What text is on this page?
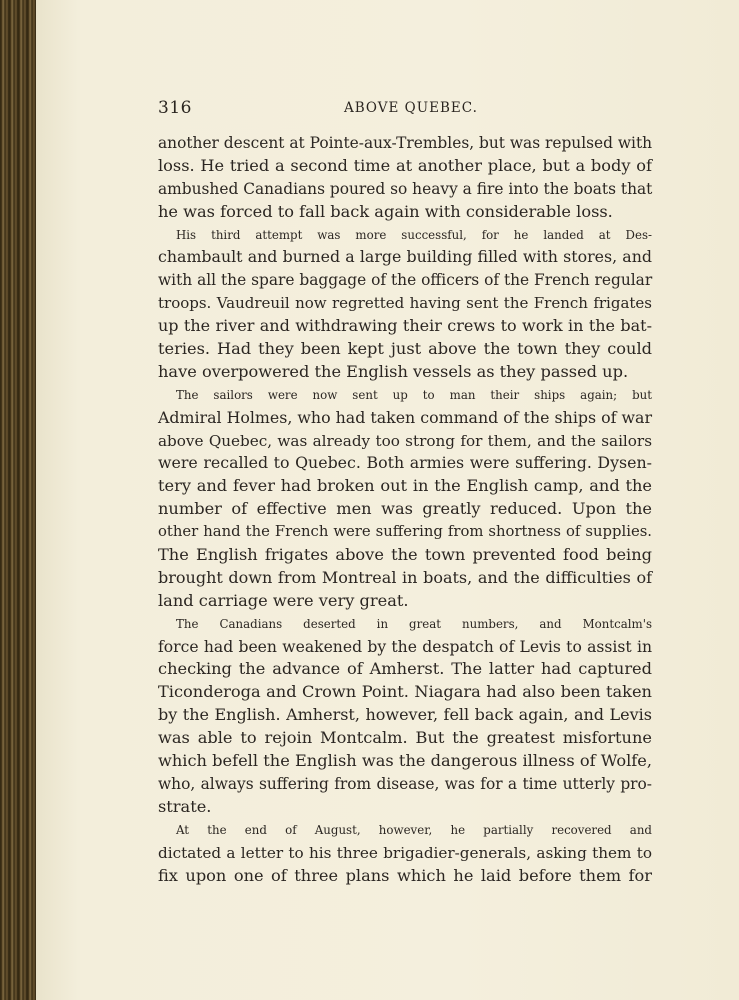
316	ABOVE QUEBEC.
another descent at Pointe-aux-Trembles, but was repulsed with
loss. He tried a second time at another place, but a body of
ambushed Canadians poured so heavy a fire into the boats that
he was forced to fall back again with considerable loss.
His third attempt was more successful, for he landed at Des-
chambault and burned a large building filled with stores, and
with all the spare baggage of the officers of the French regular
troops. Vaudreuil now regretted having sent the French frigates
up the river and withdrawing their crews to work in the bat-
teries. Had they been kept just above the town they could
have overpowered the English vessels as they passed up.
The sailors were now sent up to man their ships again; but
Admiral Holmes, who had taken command of the ships of war
above Quebec, was already too strong for them, and the sailors
were recalled to Quebec. Both armies were suffering. Dysen-
tery and fever had broken out in the English camp, and the
number of effective men was greatly reduced. Upon the
other hand the French were suffering from shortness of supplies.
The English frigates above the town prevented food being
brought down from Montreal in boats, and the difficulties of
land carriage were very great.
The Canadians deserted in great numbers, and Montcalm's
force had been weakened by the despatch of Levis to assist in
checking the advance of Amherst. The latter had captured
Ticonderoga and Crown Point. Niagara had also been taken
by the English. Amherst, however, fell back again, and Levis
was able to rejoin Montcalm. But the greatest misfortune
which befell the English was the dangerous illness of Wolfe,
who, always suffering from disease, was for a time utterly pro-
strate.
At the end of August, however, he partially recovered and
dictated a letter to his three brigadier-generals, asking them to
fix upon one of three plans which he laid before them for
